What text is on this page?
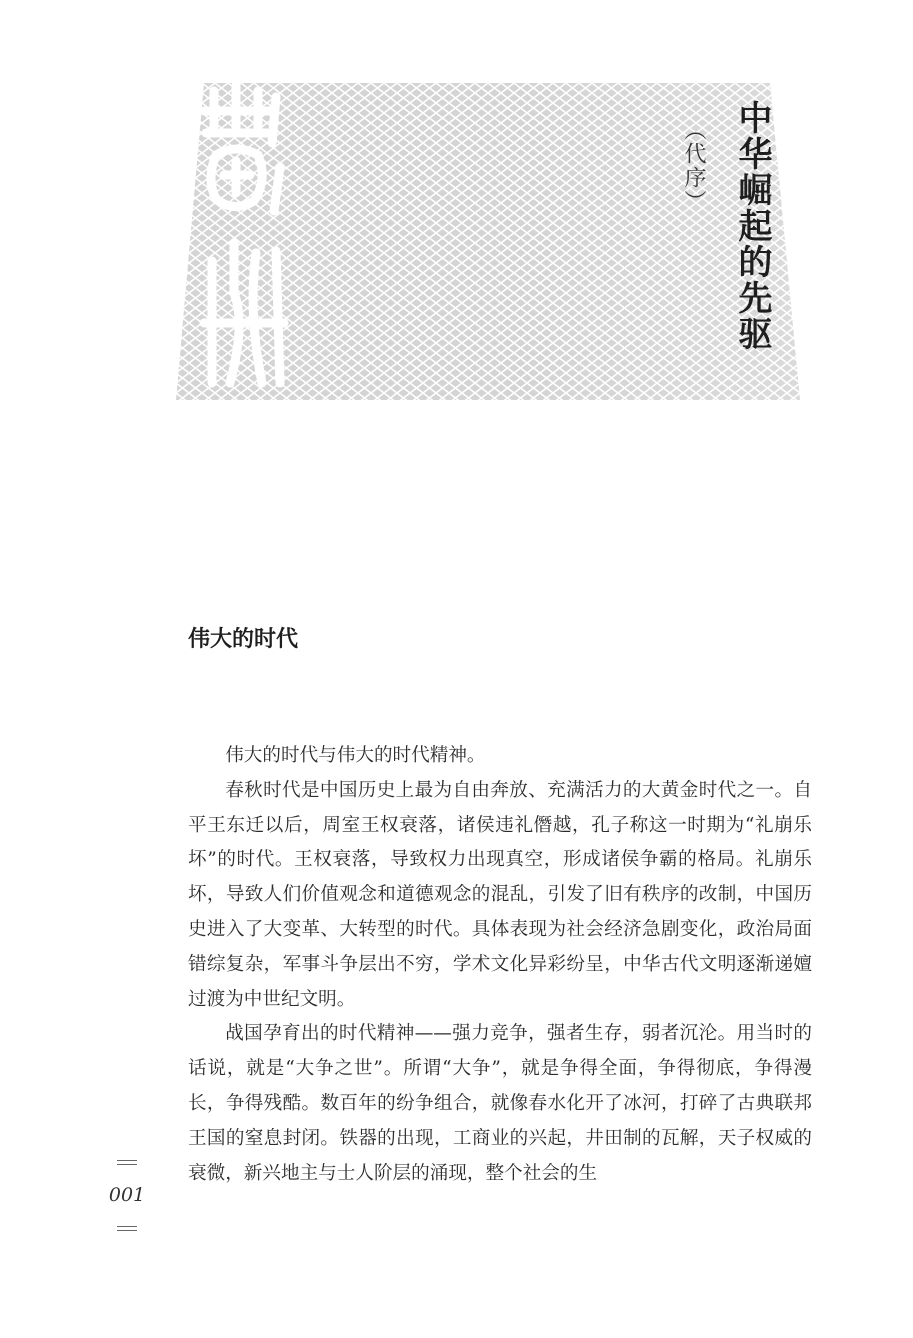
中华崛起的先驱
（代序）
伟大的时代

伟大的时代与伟大的时代精神。

春秋时代是中国历史上最为自由奔放、充满活力的大黄金时代之一。自平王东迁以后，周室王权衰落，诸侯违礼僭越，孔子称这一时期为“礼崩乐坏”的时代。王权衰落，导致权力出现真空，形成诸侯争霸的格局。礼崩乐坏，导致人们价值观念和道德观念的混乱，引发了旧有秩序的改制，中国历史进入了大变革、大转型的时代。具体表现为社会经济急剧变化，政治局面错综复杂，军事斗争层出不穷，学术文化异彩纷呈，中华古代文明逐渐递嬗过渡为中世纪文明。

战国孕育出的时代精神——强力竞争，强者生存，弱者沉沦。用当时的话说，就是“大争之世”。所谓“大争”，就是争得全面，争得彻底，争得漫长，争得残酷。数百年的纷争组合，就像春水化开了冰河，打碎了古典联邦王国的窒息封闭。铁器的出现，工商业的兴起，井田制的瓦解，天子权威的衰微，新兴地主与士人阶层的涌现，整个社会的生

001
